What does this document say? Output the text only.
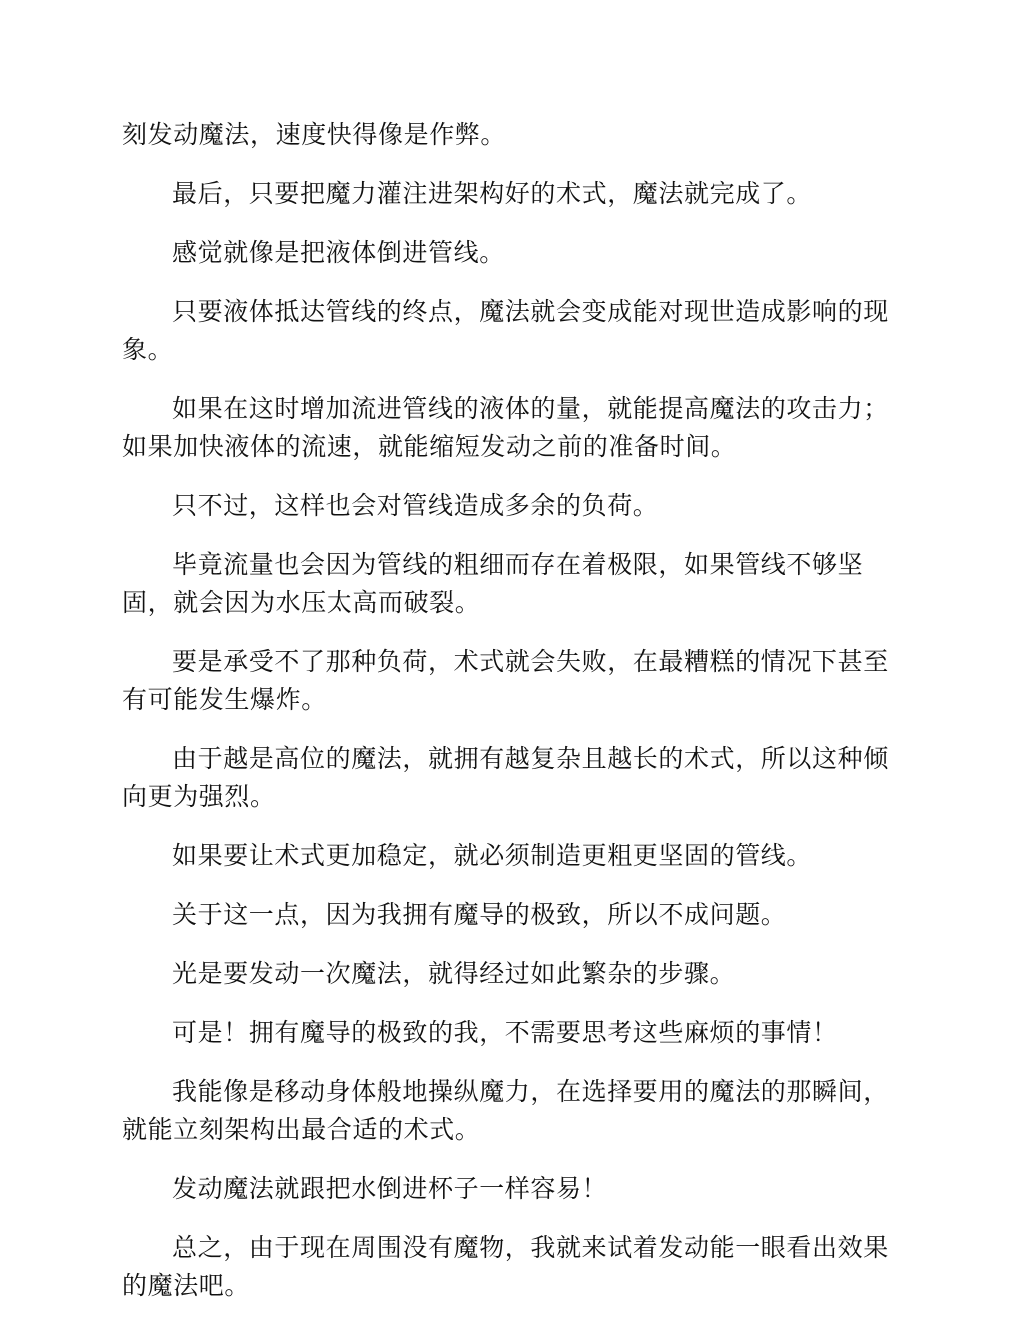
刻发动魔法，速度快得像是作弊。

最后，只要把魔力灌注进架构好的术式，魔法就完成了。

感觉就像是把液体倒进管线。

只要液体抵达管线的终点，魔法就会变成能对现世造成影响的现象。

如果在这时增加流进管线的液体的量，就能提高魔法的攻击力；如果加快液体的流速，就能缩短发动之前的准备时间。

只不过，这样也会对管线造成多余的负荷。

毕竟流量也会因为管线的粗细而存在着极限，如果管线不够坚固，就会因为水压太高而破裂。

要是承受不了那种负荷，术式就会失败，在最糟糕的情况下甚至有可能发生爆炸。

由于越是高位的魔法，就拥有越复杂且越长的术式，所以这种倾向更为强烈。

如果要让术式更加稳定，就必须制造更粗更坚固的管线。

关于这一点，因为我拥有魔导的极致，所以不成问题。

光是要发动一次魔法，就得经过如此繁杂的步骤。

可是！拥有魔导的极致的我，不需要思考这些麻烦的事情！

我能像是移动身体般地操纵魔力，在选择要用的魔法的那瞬间，就能立刻架构出最合适的术式。

发动魔法就跟把水倒进杯子一样容易！

总之，由于现在周围没有魔物，我就来试着发动能一眼看出效果的魔法吧。
